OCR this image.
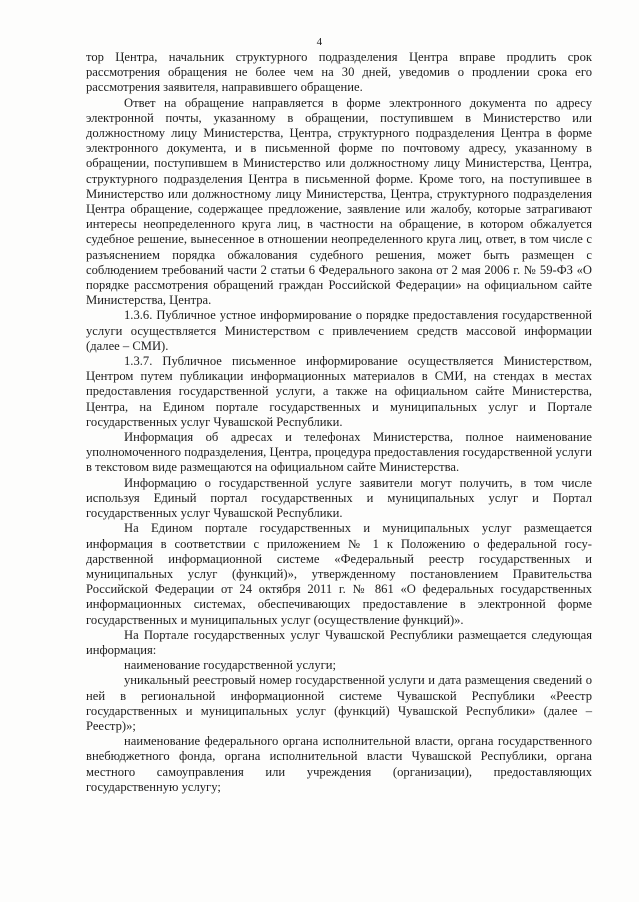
4

тор Центра, начальник структурного подразделения Центра вправе продлить срок рассмотрения обращения не более чем на 30 дней, уведомив о продлении срока его рассмотрения заявителя, направившего обращение.

Ответ на обращение направляется в форме электронного документа по адресу электронной почты, указанному в обращении, поступившем в Министерство или должностному лицу Министерства, Центра, структурного подразделения Центра в форме электронного документа, и в письменной форме по почтовому адресу, указанному в обращении, поступившем в Министерство или должностному лицу Министерства, Центра, структурного подразделения Центра в письменной форме. Кроме того, на поступившее в Министерство или должностному лицу Министерства, Центра, структурного подразделения Центра обращение, содержащее предложение, заявление или жалобу, которые затрагивают интересы неопределенного круга лиц, в частности на обращение, в котором обжалуется судебное решение, вынесенное в отношении неопределенного круга лиц, ответ, в том числе с разъяснением порядка обжалования судебного решения, может быть размещен с соблюдением требований части 2 статьи 6 Федерального закона от 2 мая 2006 г. № 59-ФЗ «О порядке рассмотрения обращений граждан Российской Федерации» на официальном сайте Министерства, Центра.

1.3.6. Публичное устное информирование о порядке предоставления государственной услуги осуществляется Министерством с привлечением средств массовой информации (далее – СМИ).

1.3.7. Публичное письменное информирование осуществляется Министерством, Центром путем публикации информационных материалов в СМИ, на стендах в местах предоставления государственной услуги, а также на официальном сайте Министерства, Центра, на Едином портале государственных и муниципальных услуг и Портале государственных услуг Чувашской Республики.

Информация об адресах и телефонах Министерства, полное наименование уполномоченного подразделения, Центра, процедура предоставления государственной услуги в текстовом виде размещаются на официальном сайте Министерства.

Информацию о государственной услуге заявители могут получить, в том числе используя Единый портал государственных и муниципальных услуг и Портал государственных услуг Чувашской Республики.

На Едином портале государственных и муниципальных услуг размещается информация в соответствии с приложением № 1 к Положению о федеральной государственной информационной системе «Федеральный реестр государственных и муниципальных услуг (функций)», утвержденному постановлением Правительства Российской Федерации от 24 октября 2011 г. № 861 «О федеральных государственных информационных системах, обеспечивающих предоставление в электронной форме государственных и муниципальных услуг (осуществление функций)».

На Портале государственных услуг Чувашской Республики размещается следующая информация:

наименование государственной услуги;

уникальный реестровый номер государственной услуги и дата размещения сведений о ней в региональной информационной системе Чувашской Республики «Реестр государственных и муниципальных услуг (функций) Чувашской Республики» (далее – Реестр)»;

наименование федерального органа исполнительной власти, органа государственного внебюджетного фонда, органа исполнительной власти Чувашской Республики, органа местного самоуправления или учреждения (организации), предоставляющих государственную услугу;
